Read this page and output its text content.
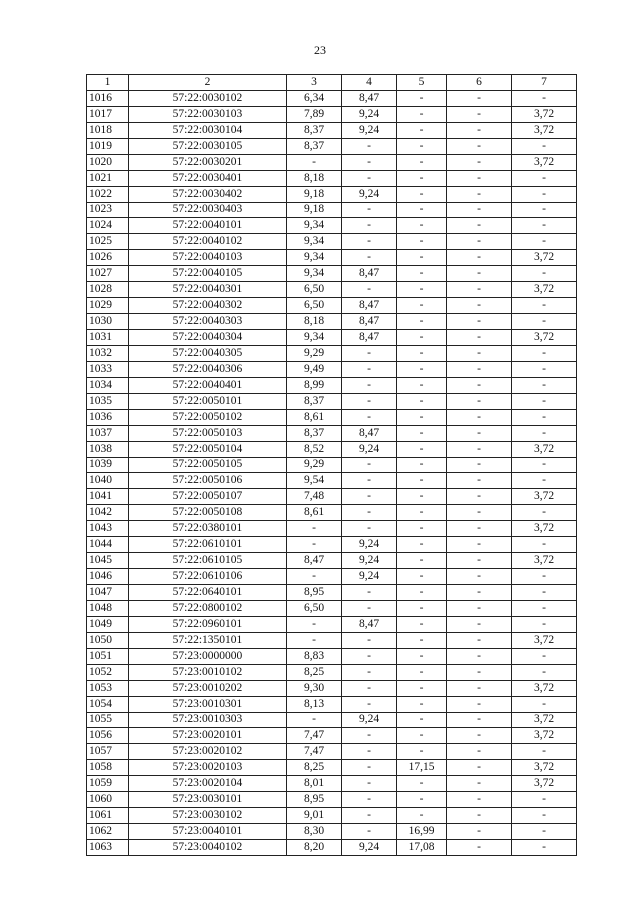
23
1	2	3	4	5	6	7
1016	57:22:0030102	6,34	8,47	-	-	-
1017	57:22:0030103	7,89	9,24	-	-	3,72
1018	57:22:0030104	8,37	9,24	-	-	3,72
1019	57:22:0030105	8,37	-	-	-	-
1020	57:22:0030201	-	-	-	-	3,72
1021	57:22:0030401	8,18	-	-	-	-
1022	57:22:0030402	9,18	9,24	-	-	-
1023	57:22:0030403	9,18	-	-	-	-
1024	57:22:0040101	9,34	-	-	-	-
1025	57:22:0040102	9,34	-	-	-	-
1026	57:22:0040103	9,34	-	-	-	3,72
1027	57:22:0040105	9,34	8,47	-	-	-
1028	57:22:0040301	6,50	-	-	-	3,72
1029	57:22:0040302	6,50	8,47	-	-	-
1030	57:22:0040303	8,18	8,47	-	-	-
1031	57:22:0040304	9,34	8,47	-	-	3,72
1032	57:22:0040305	9,29	-	-	-	-
1033	57:22:0040306	9,49	-	-	-	-
1034	57:22:0040401	8,99	-	-	-	-
1035	57:22:0050101	8,37	-	-	-	-
1036	57:22:0050102	8,61	-	-	-	-
1037	57:22:0050103	8,37	8,47	-	-	-
1038	57:22:0050104	8,52	9,24	-	-	3,72
1039	57:22:0050105	9,29	-	-	-	-
1040	57:22:0050106	9,54	-	-	-	-
1041	57:22:0050107	7,48	-	-	-	3,72
1042	57:22:0050108	8,61	-	-	-	-
1043	57:22:0380101	-	-	-	-	3,72
1044	57:22:0610101	-	9,24	-	-	-
1045	57:22:0610105	8,47	9,24	-	-	3,72
1046	57:22:0610106	-	9,24	-	-	-
1047	57:22:0640101	8,95	-	-	-	-
1048	57:22:0800102	6,50	-	-	-	-
1049	57:22:0960101	-	8,47	-	-	-
1050	57:22:1350101	-	-	-	-	3,72
1051	57:23:0000000	8,83	-	-	-	-
1052	57:23:0010102	8,25	-	-	-	-
1053	57:23:0010202	9,30	-	-	-	3,72
1054	57:23:0010301	8,13	-	-	-	-
1055	57:23:0010303	-	9,24	-	-	3,72
1056	57:23:0020101	7,47	-	-	-	3,72
1057	57:23:0020102	7,47	-	-	-	-
1058	57:23:0020103	8,25	-	17,15	-	3,72
1059	57:23:0020104	8,01	-	-	-	3,72
1060	57:23:0030101	8,95	-	-	-	-
1061	57:23:0030102	9,01	-	-	-	-
1062	57:23:0040101	8,30	-	16,99	-	-
1063	57:23:0040102	8,20	9,24	17,08	-	-
